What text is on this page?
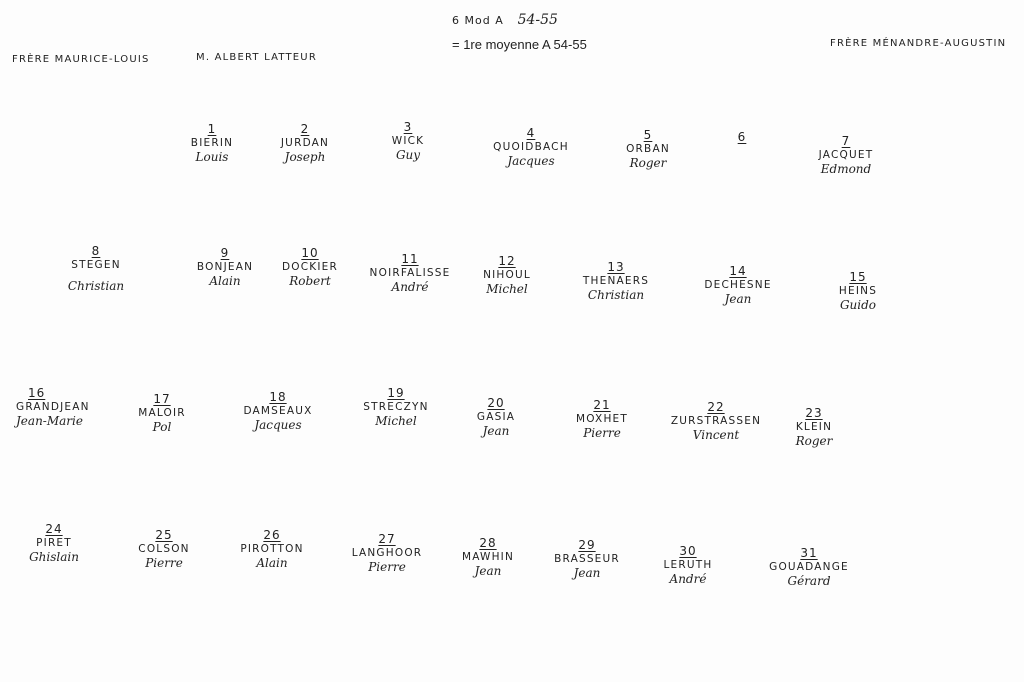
6 Mod A 54-55
= 1re moyenne A 54-55
FRÈRE MAURICE-LOUIS	M. ALBERT LATTEUR
FRÈRE MÉNANDRE-AUGUSTIN
1
BIERIN
Louis
2
JURDAN
Joseph
3
WICK
Guy
4
QUOIDBACH
Jacques
5
ORBAN
Roger
6	7
JACQUET
Edmond
8
STEGEN
Christian
9
BONJEAN
Alain
10
DOCKIER
Robert
11
NOIRFALISSE
André
12
NIHOUL
Michel
13
THENAERS
Christian
14
DECHESNE
Jean
15
HEINS
Guido
16
GRANDJEAN
Jean-Marie
17
MALOIR
Pol
18
DAMSEAUX
Jacques
19
STRECZYN
Michel
20
GASIA
Jean
21
MOXHET
Pierre
22
ZURSTRASSEN
Vincent
23
KLEIN
Roger
24
PIRET
Ghislain
25
COLSON
Pierre
26
PIROTTON
Alain
27
LANGHOOR
Pierre
28
MAWHIN
Jean
29
BRASSEUR
Jean
30
LERUTH
André
31
GOUADANGE
Gérard
